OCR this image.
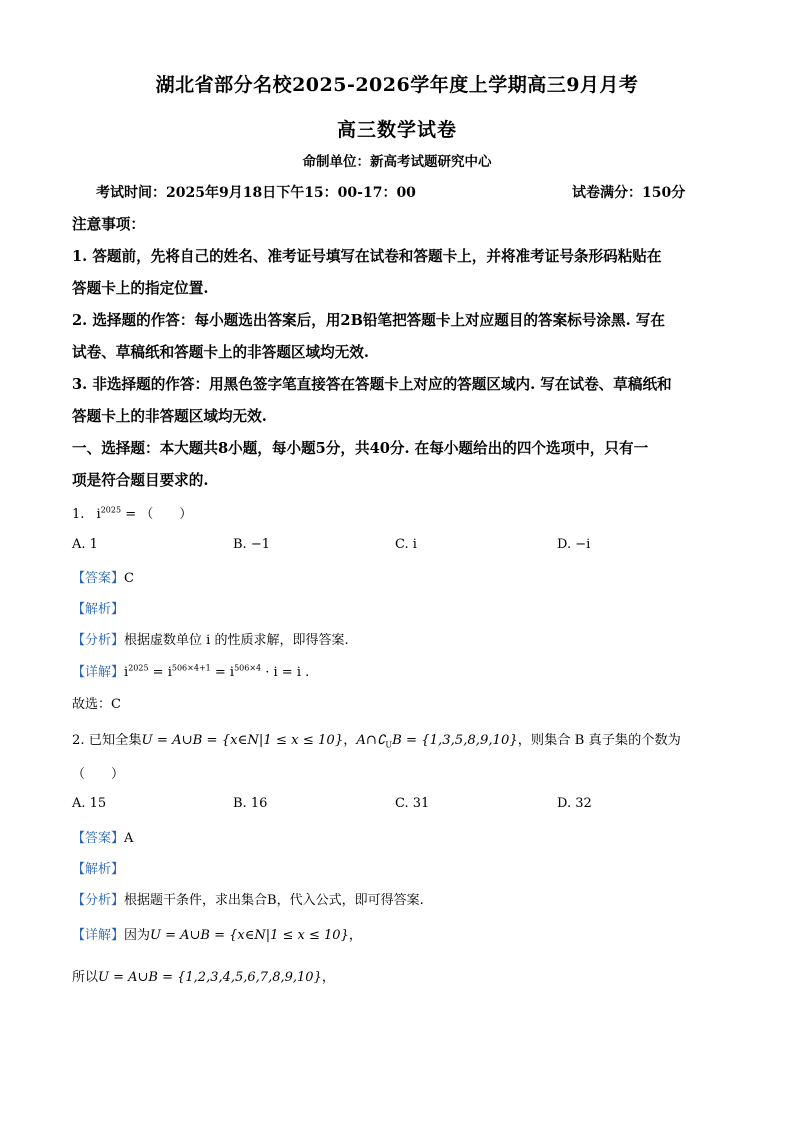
湖北省部分名校2025-2026学年度上学期高三9月月考
高三数学试卷
命制单位：新高考试题研究中心
考试时间：2025年9月18日下午15：00-17：00	试卷满分：150分
注意事项：
1. 答题前，先将自己的姓名、准考证号填写在试卷和答题卡上，并将准考证号条形码粘贴在
答题卡上的指定位置.
2. 选择题的作答：每小题选出答案后，用2B铅笔把答题卡上对应题目的答案标号涂黑. 写在
试卷、草稿纸和答题卡上的非答题区域均无效.
3. 非选择题的作答：用黑色签字笔直接答在答题卡上对应的答题区域内. 写在试卷、草稿纸和
答题卡上的非答题区域均无效.
一、选择题：本大题共8小题，每小题5分，共40分. 在每小题给出的四个选项中，只有一
项是符合题目要求的.
1. $i^{2025}$ = （　　）
A. 1	B. −1	C. i	D. −i
【答案】C
【解析】
【分析】根据虚数单位 i 的性质求解，即得答案.
【详解】$i^{2025} = i^{506\times 4+1} = i^{506\times 4} \cdot i = i$ .
故选：C
2. 已知全集U = A∪B = {x∈N|1 ≤ x ≤ 10}，$A\cap∁_UB = \{1,3,5,8,9,10\}$，则集合 B 真子集的个数为
（　　）
A. 15	B. 16	C. 31	D. 32
【答案】A
【解析】
【分析】根据题干条件，求出集合B，代入公式，即可得答案.
【详解】因为U = A∪B = {x∈N|1 ≤ x ≤ 10}，
所以U = A∪B = {1,2,3,4,5,6,7,8,9,10}，
